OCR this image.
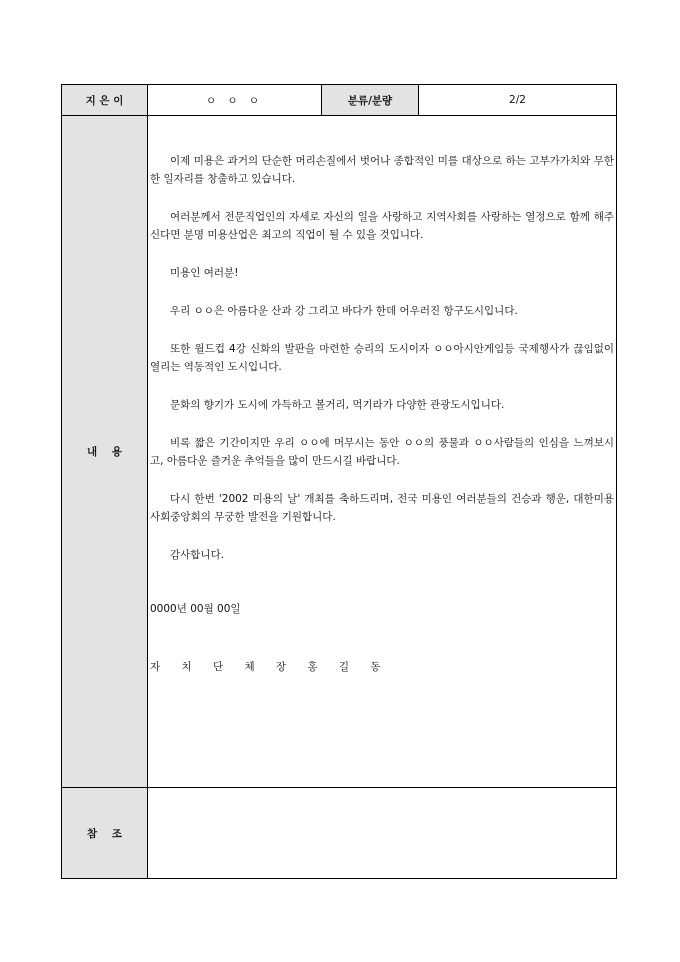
지 은 이	ㅇ ㅇ ㅇ	분류/분량	2/2
내    용

이제 미용은 과거의 단순한 머리손질에서 벗어나 종합적인 미를 대상으로 하는 고부가가치와 무한한 일자리를 창출하고 있습니다.

여러분께서 전문직업인의 자세로 자신의 일을 사랑하고 지역사회를 사랑하는 열정으로 함께 해주신다면 분명 미용산업은 최고의 직업이 될 수 있을 것입니다.

미용인 여러분!

우리 ㅇㅇ은 아름다운 산과 강 그리고 바다가 한데 어우러진 항구도시입니다.

또한 월드컵 4강 신화의 발판을 마련한 승리의 도시이자 ㅇㅇ아시안게임등 국제행사가 끊임없이 열리는 역동적인 도시입니다.

문화의 향기가 도시에 가득하고 볼거리, 먹기라가 다양한 관광도시입니다.

비록 짧은 기간이지만 우리 ㅇㅇ에 머무시는 동안 ㅇㅇ의 풍물과 ㅇㅇ사람들의 인심을 느껴보시고, 아름다운 즐거운 추억들을 많이 만드시길 바랍니다.

다시 한번 '2002 미용의 날' 개최를 축하드리며, 전국 미용인 여러분들의 건승과 행운, 대한미용사회중앙회의 무궁한 발전을 기원합니다.

감사합니다.

0000년 00월 00일

자 치 단 체 장 홍 길 동

참    조
